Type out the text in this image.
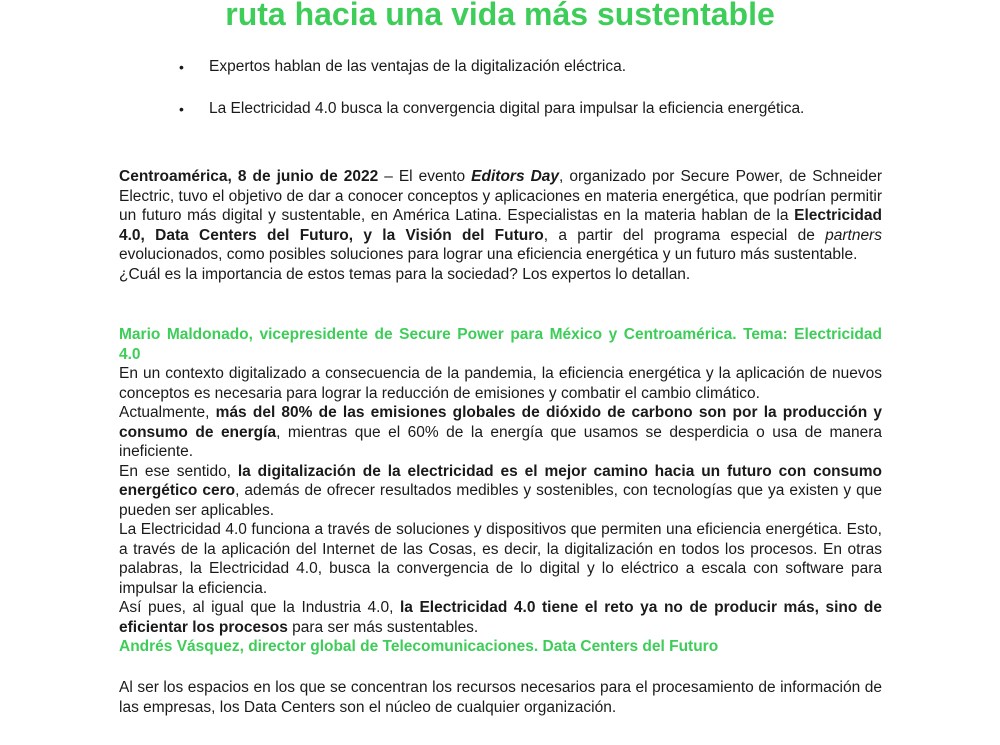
ruta hacia una vida más sustentable
• Expertos hablan de las ventajas de la digitalización eléctrica.
• La Electricidad 4.0 busca la convergencia digital para impulsar la eficiencia energética.

Centroamérica, 8 de junio de 2022 – El evento Editors Day, organizado por Secure Power, de Schneider Electric, tuvo el objetivo de dar a conocer conceptos y aplicaciones en materia energética, que podrían permitir un futuro más digital y sustentable, en América Latina. Especialistas en la materia hablan de la Electricidad 4.0, Data Centers del Futuro, y la Visión del Futuro, a partir del programa especial de partners evolucionados, como posibles soluciones para lograr una eficiencia energética y un futuro más sustentable.

¿Cuál es la importancia de estos temas para la sociedad? Los expertos lo detallan.

Mario Maldonado, vicepresidente de Secure Power para México y Centroamérica. Tema: Electricidad 4.0

En un contexto digitalizado a consecuencia de la pandemia, la eficiencia energética y la aplicación de nuevos conceptos es necesaria para lograr la reducción de emisiones y combatir el cambio climático.

Actualmente, más del 80% de las emisiones globales de dióxido de carbono son por la producción y consumo de energía, mientras que el 60% de la energía que usamos se desperdicia o usa de manera ineficiente.

En ese sentido, la digitalización de la electricidad es el mejor camino hacia un futuro con consumo energético cero, además de ofrecer resultados medibles y sostenibles, con tecnologías que ya existen y que pueden ser aplicables.

La Electricidad 4.0 funciona a través de soluciones y dispositivos que permiten una eficiencia energética. Esto, a través de la aplicación del Internet de las Cosas, es decir, la digitalización en todos los procesos. En otras palabras, la Electricidad 4.0, busca la convergencia de lo digital y lo eléctrico a escala con software para impulsar la eficiencia.

Así pues, al igual que la Industria 4.0, la Electricidad 4.0 tiene el reto ya no de producir más, sino de eficientar los procesos para ser más sustentables.

Andrés Vásquez, director global de Telecomunicaciones. Data Centers del Futuro

Al ser los espacios en los que se concentran los recursos necesarios para el procesamiento de información de las empresas, los Data Centers son el núcleo de cualquier organización.
